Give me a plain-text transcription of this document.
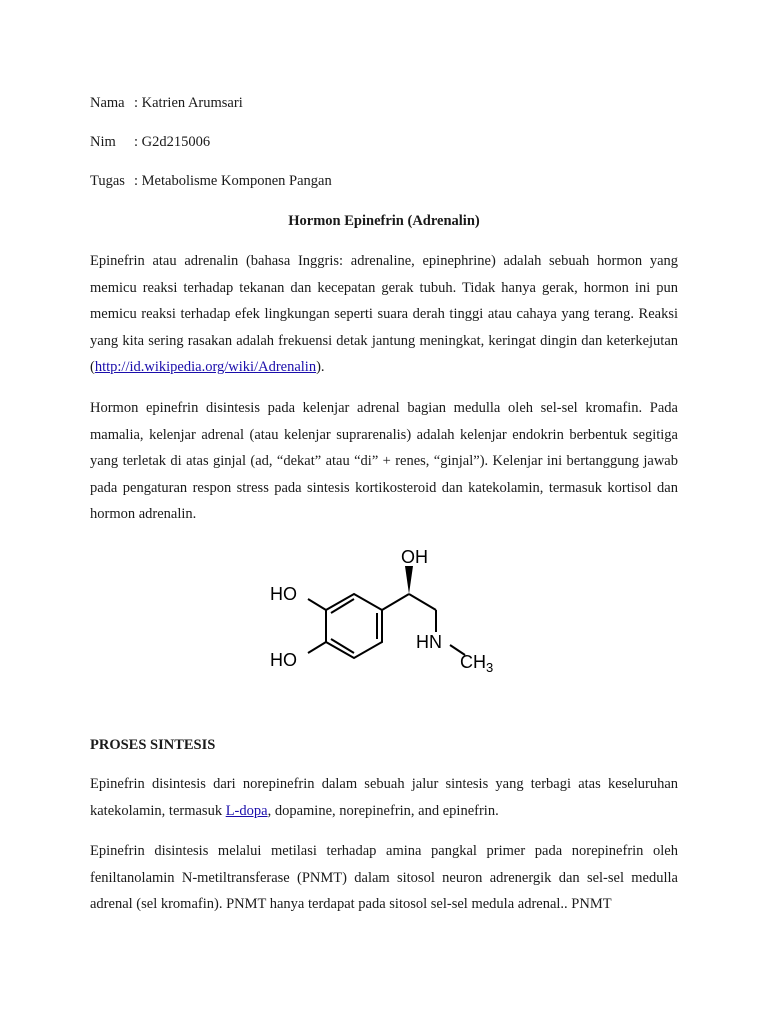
Nama : Katrien Arumsari
Nim : G2d215006
Tugas : Metabolisme Komponen Pangan
Hormon Epinefrin (Adrenalin)

Epinefrin atau adrenalin (bahasa Inggris: adrenaline, epinephrine) adalah sebuah hormon yang memicu reaksi terhadap tekanan dan kecepatan gerak tubuh. Tidak hanya gerak, hormon ini pun memicu reaksi terhadap efek lingkungan seperti suara derah tinggi atau cahaya yang terang. Reaksi yang kita sering rasakan adalah frekuensi detak jantung meningkat, keringat dingin dan keterkejutan (http://id.wikipedia.org/wiki/Adrenalin).

Hormon epinefrin disintesis pada kelenjar adrenal bagian medulla oleh sel-sel kromafin. Pada mamalia, kelenjar adrenal (atau kelenjar suprarenalis) adalah kelenjar endokrin berbentuk segitiga yang terletak di atas ginjal (ad, “dekat” atau “di” + renes, “ginjal”). Kelenjar ini bertanggung jawab pada pengaturan respon stress pada sintesis kortikosteroid dan katekolamin, termasuk kortisol dan hormon adrenalin.

OH
HO
HO
HN
$CH_3$
PROSES SINTESIS

Epinefrin disintesis dari norepinefrin dalam sebuah jalur sintesis yang terbagi atas keseluruhan katekolamin, termasuk L-dopa, dopamine, norepinefrin, and epinefrin.

Epinefrin disintesis melalui metilasi terhadap amina pangkal primer pada norepinefrin oleh feniltanolamin N-metiltransferase (PNMT) dalam sitosol neuron adrenergik dan sel-sel medulla adrenal (sel kromafin). PNMT hanya terdapat pada sitosol sel-sel medula adrenal.. PNMT
